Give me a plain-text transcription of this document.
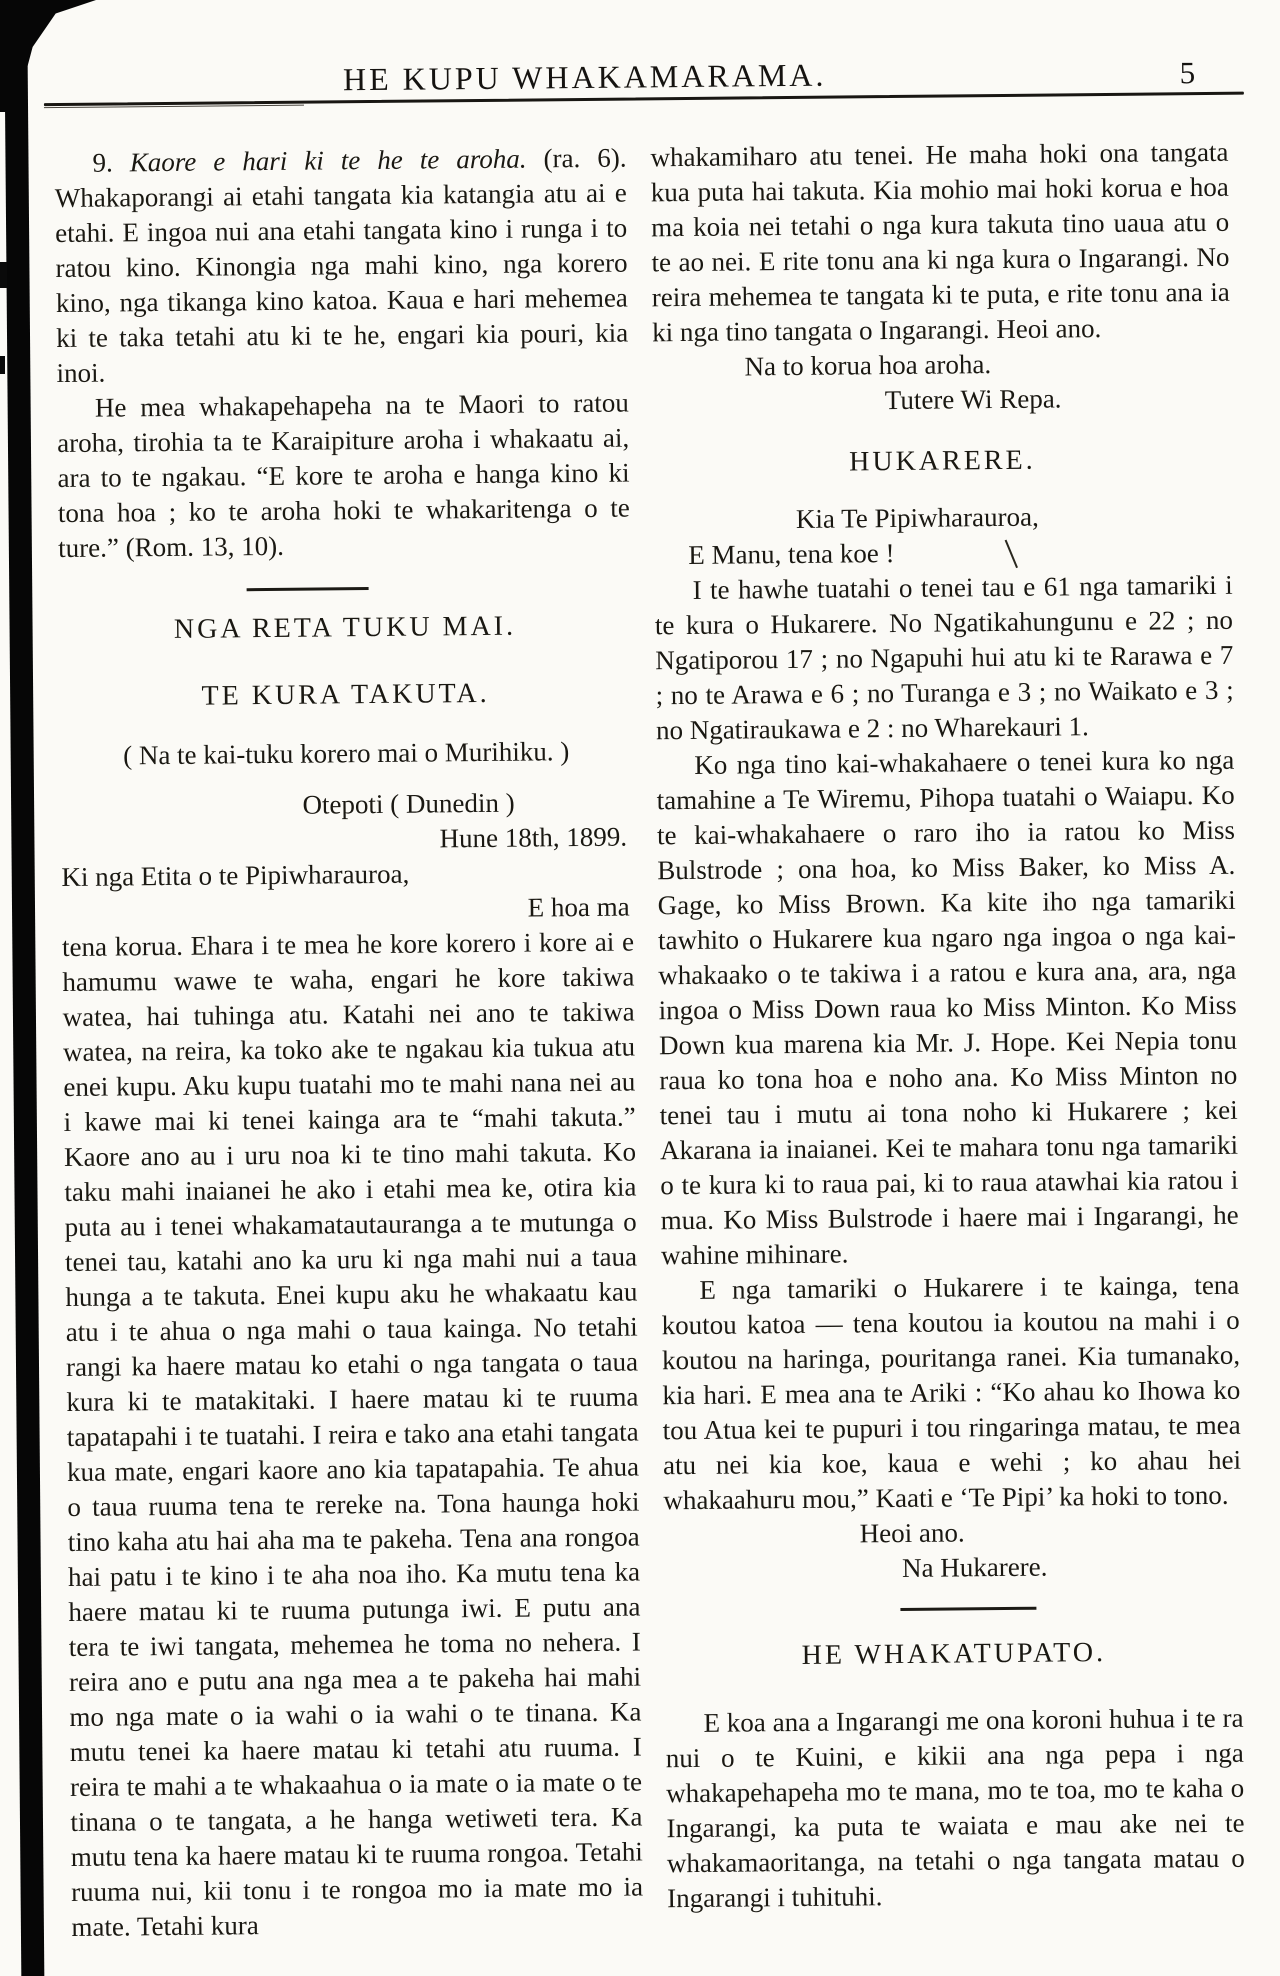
HE KUPU WHAKAMARAMA.	5

9. Kaore e hari ki te he te aroha. (ra. 6). Whakaporangi ai etahi tangata kia katangia atu ai e etahi. E ingoa nui ana etahi tangata kino i runga i to ratou kino. Kinongia nga mahi kino, nga korero kino, nga tikanga kino katoa. Kaua e hari mehemea ki te taka tetahi atu ki te he, engari kia pouri, kia inoi.

He mea whakapehapeha na te Maori to ratou aroha, tirohia ta te Karaipiture aroha i whakaatu ai, ara to te ngakau. “E kore te aroha e hanga kino ki tona hoa ; ko te aroha hoki te whakaritenga o te ture.” (Rom. 13, 10).

NGA RETA TUKU MAI.

TE KURA TAKUTA.

( Na te kai-tuku korero mai o Murihiku. )

Otepoti ( Dunedin )

Hune 18th, 1899.

Ki nga Etita o te Pipiwharauroa,

E hoa ma

tena korua. Ehara i te mea he kore korero i kore ai e hamumu wawe te waha, engari he kore takiwa watea, hai tuhinga atu. Katahi nei ano te takiwa watea, na reira, ka toko ake te ngakau kia tukua atu enei kupu. Aku kupu tuatahi mo te mahi nana nei au i kawe mai ki tenei kainga ara te “mahi takuta.” Kaore ano au i uru noa ki te tino mahi takuta. Ko taku mahi inaianei he ako i etahi mea ke, otira kia puta au i tenei whakamatautauranga a te mutunga o tenei tau, katahi ano ka uru ki nga mahi nui a taua hunga a te takuta. Enei kupu aku he whakaatu kau atu i te ahua o nga mahi o taua kainga. No tetahi rangi ka haere matau ko etahi o nga tangata o taua kura ki te matakitaki. I haere matau ki te ruuma tapatapahi i te tuatahi. I reira e tako ana etahi tangata kua mate, engari kaore ano kia tapatapahia. Te ahua o taua ruuma tena te rereke na. Tona haunga hoki tino kaha atu hai aha ma te pakeha. Tena ana rongoa hai patu i te kino i te aha noa iho. Ka mutu tena ka haere matau ki te ruuma putunga iwi. E putu ana tera te iwi tangata, mehemea he toma no nehera. I reira ano e putu ana nga mea a te pakeha hai mahi mo nga mate o ia wahi o ia wahi o te tinana. Ka mutu tenei ka haere matau ki tetahi atu ruuma. I reira te mahi a te whakaahua o ia mate o ia mate o te tinana o te tangata, a he hanga wetiweti tera. Ka mutu tena ka haere matau ki te ruuma rongoa. Tetahi ruuma nui, kii tonu i te rongoa mo ia mate mo ia mate. Tetahi kura

whakamiharo atu tenei. He maha hoki ona tangata kua puta hai takuta. Kia mohio mai hoki korua e hoa ma koia nei tetahi o nga kura takuta tino uaua atu o te ao nei. E rite tonu ana ki nga kura o Ingarangi. No reira mehemea te tangata ki te puta, e rite tonu ana ia ki nga tino tangata o Ingarangi. Heoi ano.

Na to korua hoa aroha.

Tutere Wi Repa.

HUKARERE.

Kia Te Pipiwharauroa,

E Manu, tena koe !

I te hawhe tuatahi o tenei tau e 61 nga tamariki i te kura o Hukarere. No Ngatikahungunu e 22 ; no Ngatiporou 17 ; no Ngapuhi hui atu ki te Rarawa e 7 ; no te Arawa e 6 ; no Turanga e 3 ; no Waikato e 3 ; no Ngatiraukawa e 2 : no Wharekauri 1.

Ko nga tino kai-whakahaere o tenei kura ko nga tamahine a Te Wiremu, Pihopa tuatahi o Waiapu. Ko te kai-whakahaere o raro iho ia ratou ko Miss Bulstrode ; ona hoa, ko Miss Baker, ko Miss A. Gage, ko Miss Brown. Ka kite iho nga tamariki tawhito o Hukarere kua ngaro nga ingoa o nga kai-whakaako o te takiwa i a ratou e kura ana, ara, nga ingoa o Miss Down raua ko Miss Minton. Ko Miss Down kua marena kia Mr. J. Hope. Kei Nepia tonu raua ko tona hoa e noho ana. Ko Miss Minton no tenei tau i mutu ai tona noho ki Hukarere ; kei Akarana ia inaianei. Kei te mahara tonu nga tamariki o te kura ki to raua pai, ki to raua atawhai kia ratou i mua. Ko Miss Bulstrode i haere mai i Ingarangi, he wahine mihinare.

E nga tamariki o Hukarere i te kainga, tena koutou katoa — tena koutou ia koutou na mahi i o koutou na haringa, pouritanga ranei. Kia tumanako, kia hari. E mea ana te Ariki : “Ko ahau ko Ihowa ko tou Atua kei te pupuri i tou ringaringa matau, te mea atu nei kia koe, kaua e wehi ; ko ahau hei whakaahuru mou,” Kaati e ‘Te Pipi’ ka hoki to tono.

Heoi ano.

Na Hukarere.

HE WHAKATUPATO.

E koa ana a Ingarangi me ona koroni huhua i te ra nui o te Kuini, e kikii ana nga pepa i nga whakapehapeha mo te mana, mo te toa, mo te kaha o Ingarangi, ka puta te waiata e mau ake nei te whakamaoritanga, na tetahi o nga tangata matau o Ingarangi i tuhituhi.
